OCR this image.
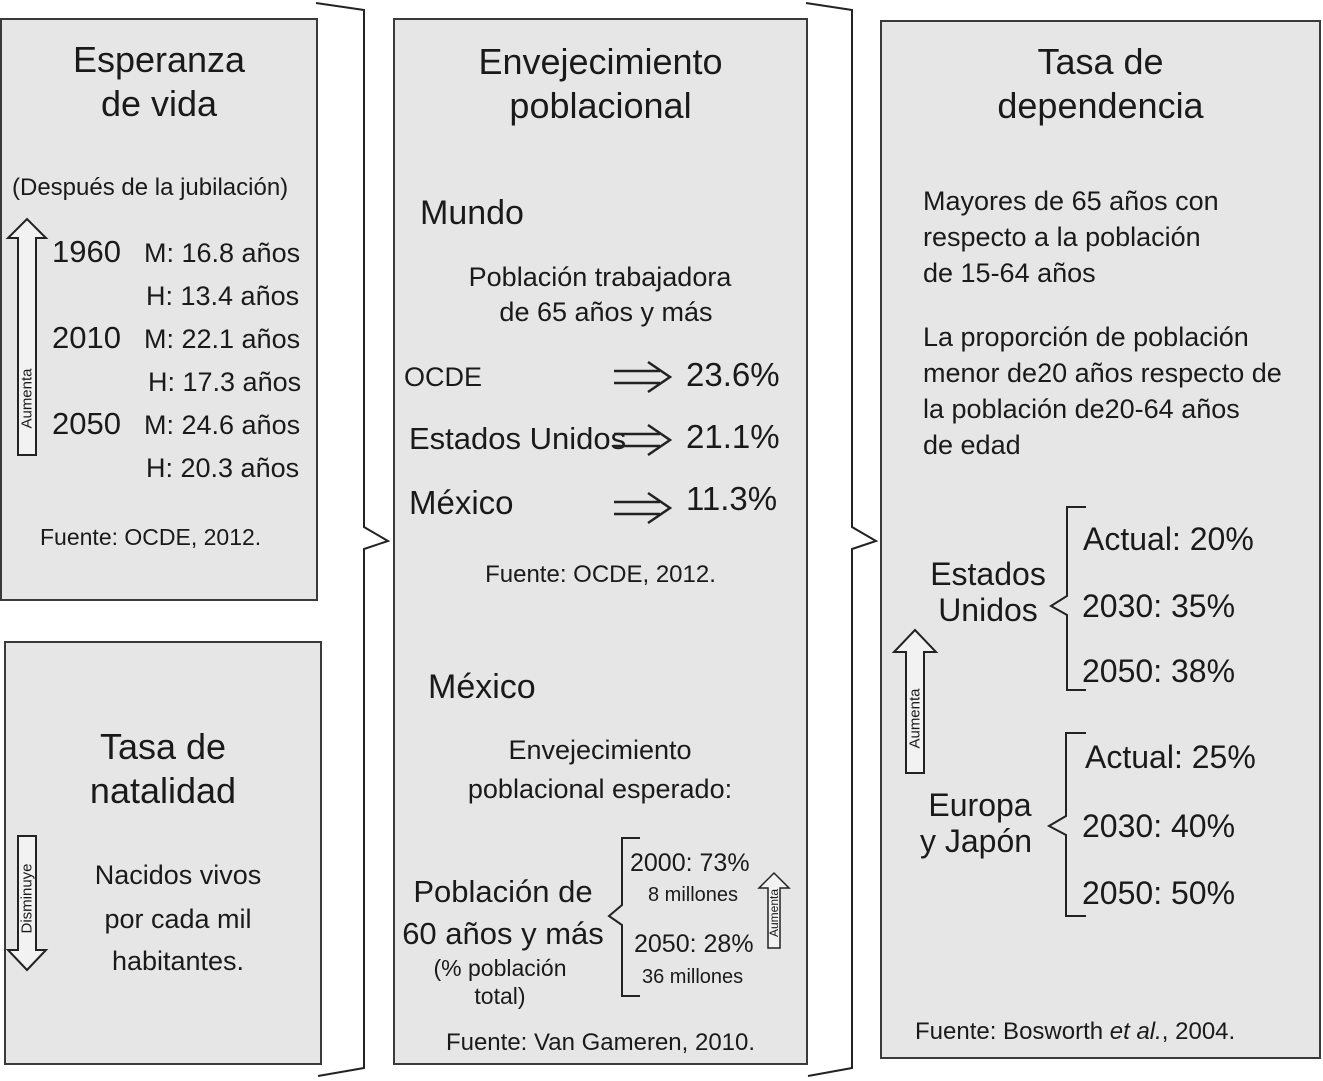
Esperanza
de vida
(Después de la jubilación)
Aumenta
1960 M: 16.8 años
H: 13.4 años
2010 M: 22.1 años
H: 17.3 años
2050 M: 24.6 años
H: 20.3 años
Fuente: OCDE, 2012.
Tasa de
natalidad
Disminuye	Nacidos vivos
por cada mil
habitantes.
Envejecimiento
poblacional
Mundo
Población trabajadora
de 65 años y más
OCDE	23.6%
Estados Unidos 21.1%
México	11.3%
Fuente: OCDE, 2012.
México
Envejecimiento
poblacional esperado:
Población de
60 años y más
(% población
total)
2000: 73%
8 millones
2050: 28%
36 millones
Aumenta
Fuente: Van Gameren, 2010.
Tasa de
dependencia
Mayores de 65 años con
respecto a la población
de 15-64 años
La proporción de población
menor de20 años respecto de
la población de20-64 años
de edad
Aumenta
Estados
Unidos
Actual: 20%
2030: 35%
2050: 38%
Europa
y Japón
Actual: 25%
2030: 40%
2050: 50%
Fuente: Bosworth et al., 2004.
